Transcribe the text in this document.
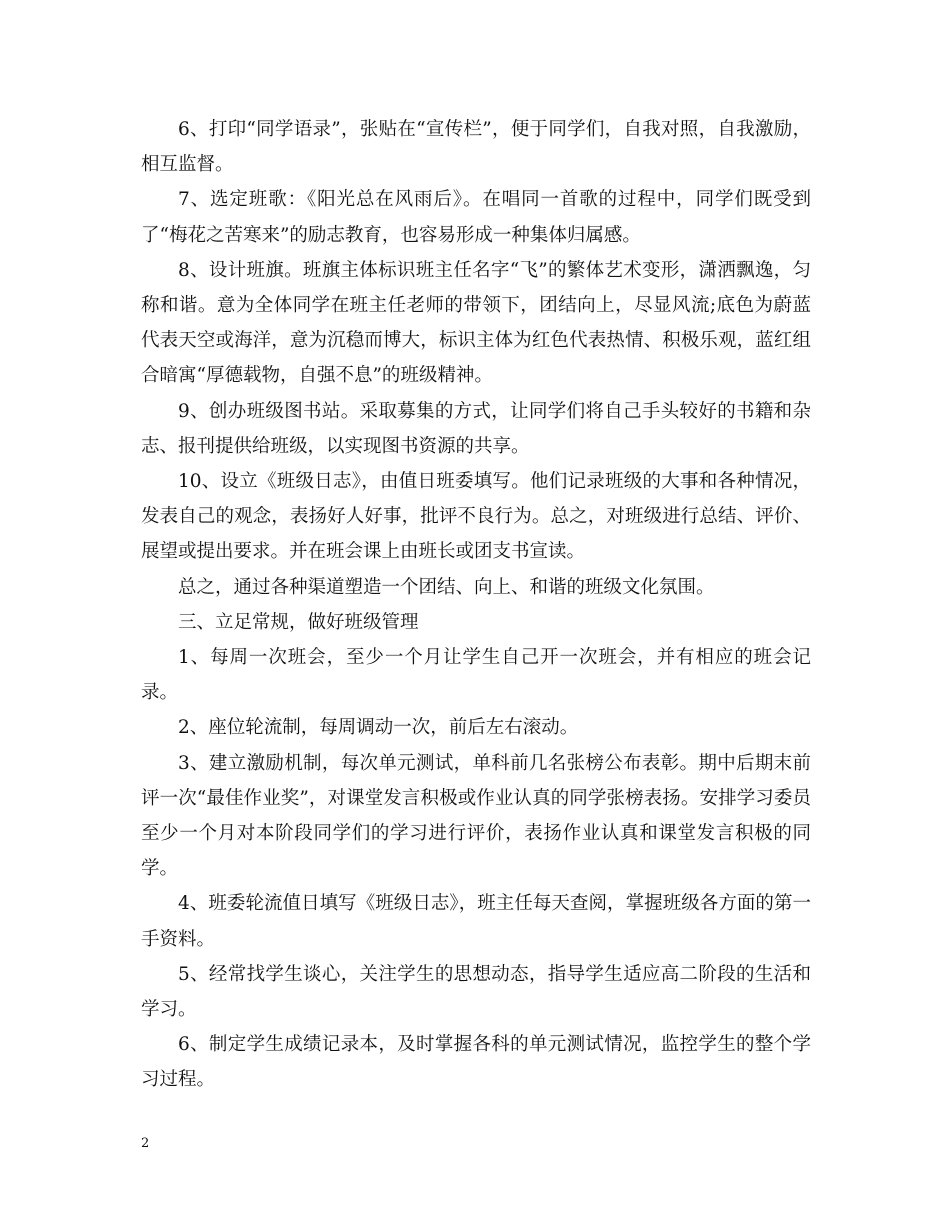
6、打印“同学语录”，张贴在“宣传栏”，便于同学们，自我对照，自我激励，相互监督。

7、选定班歌：《阳光总在风雨后》。在唱同一首歌的过程中，同学们既受到了“梅花之苦寒来”的励志教育，也容易形成一种集体归属感。

8、设计班旗。班旗主体标识班主任名字“飞”的繁体艺术变形，潇洒飘逸，匀称和谐。意为全体同学在班主任老师的带领下，团结向上，尽显风流;底色为蔚蓝代表天空或海洋，意为沉稳而博大，标识主体为红色代表热情、积极乐观，蓝红组合暗寓“厚德载物，自强不息”的班级精神。

9、创办班级图书站。采取募集的方式，让同学们将自己手头较好的书籍和杂志、报刊提供给班级，以实现图书资源的共享。

10、设立《班级日志》，由值日班委填写。他们记录班级的大事和各种情况，发表自己的观念，表扬好人好事，批评不良行为。总之，对班级进行总结、评价、展望或提出要求。并在班会课上由班长或团支书宣读。

总之，通过各种渠道塑造一个团结、向上、和谐的班级文化氛围。

三、立足常规，做好班级管理

1、每周一次班会，至少一个月让学生自己开一次班会，并有相应的班会记录。

2、座位轮流制，每周调动一次，前后左右滚动。

3、建立激励机制，每次单元测试，单科前几名张榜公布表彰。期中后期末前评一次“最佳作业奖”，对课堂发言积极或作业认真的同学张榜表扬。安排学习委员至少一个月对本阶段同学们的学习进行评价，表扬作业认真和课堂发言积极的同学。

4、班委轮流值日填写《班级日志》，班主任每天查阅，掌握班级各方面的第一手资料。

5、经常找学生谈心，关注学生的思想动态，指导学生适应高二阶段的生活和学习。

6、制定学生成绩记录本，及时掌握各科的单元测试情况，监控学生的整个学习过程。

2
